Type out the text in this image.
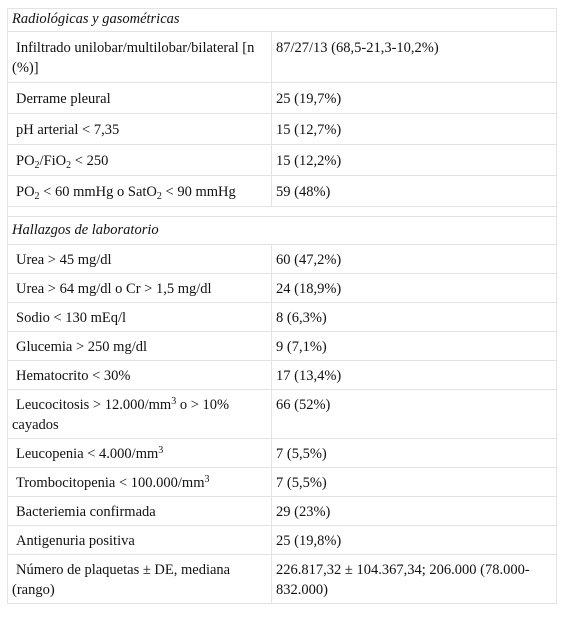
Radiológicas y gasométricas	
Infiltrado unilobar/multilobar/bilateral [n (%)]	87/27/13 (68,5-21,3-10,2%)
Derrame pleural	25 (19,7%)
pH arterial < 7,35	15 (12,7%)
$PO_2/FiO_2 < 250$	15 (12,2%)
$PO_2 < 60$ mmHg o SatO$_2$ < 90 mmHg	59 (48%)

Hallazgos de laboratorio	
Urea > 45 mg/dl	60 (47,2%)
Urea > 64 mg/dl o Cr > 1,5 mg/dl	24 (18,9%)
Sodio < 130 mEq/l	8 (6,3%)
Glucemia > 250 mg/dl	9 (7,1%)
Hematocrito < 30%	17 (13,4%)
Leucocitosis > $12.000/mm^3$ o > 10% cayados	66 (52%)
Leucopenia < $4.000/mm^3$	7 (5,5%)
Trombocitopenia < $100.000/mm^3$	7 (5,5%)
Bacteriemia confirmada	29 (23%)
Antigenuria positiva	25 (19,8%)
Número de plaquetas ± DE, mediana (rango)	226.817,32 ± 104.367,34; 206.000 (78.000-832.000)
